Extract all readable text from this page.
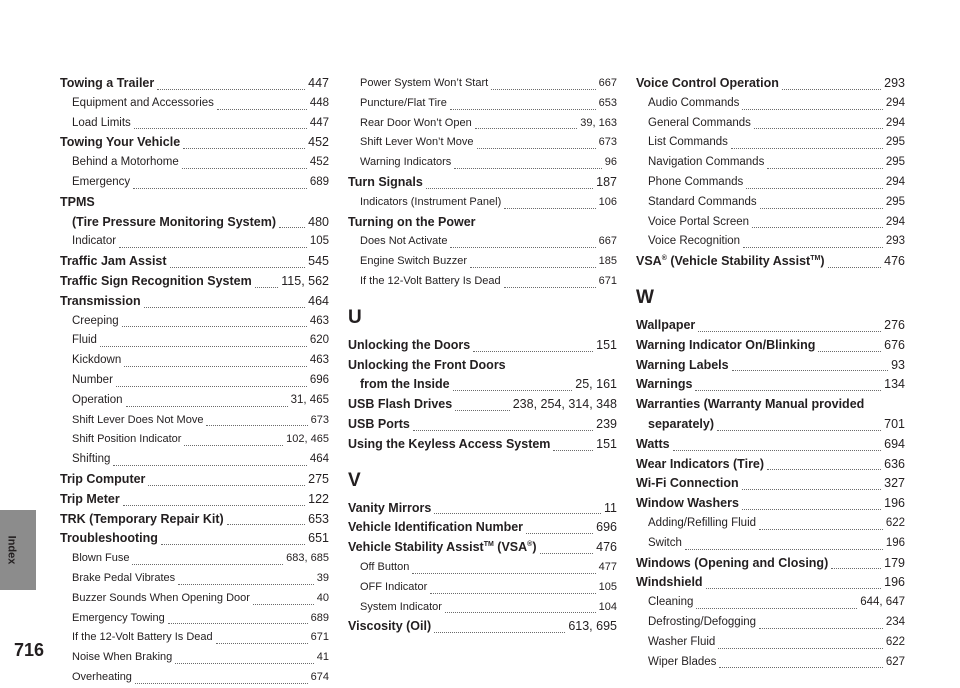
Index
716
Towing a Trailer	447
Equipment and Accessories	448
Load Limits	447
Towing Your Vehicle	452
Behind a Motorhome	452
Emergency	689
TPMS
(Tire Pressure Monitoring System)	480
Indicator	105
Traffic Jam Assist	545
Traffic Sign Recognition System 115, 562
Transmission	464
Creeping	463
Fluid	620
Kickdown	463
Number	696
Operation	31, 465
Shift Lever Does Not Move	673
Shift Position Indicator	102, 465
Shifting	464
Trip Computer	275
Trip Meter	122
TRK (Temporary Repair Kit)	653
Troubleshooting	651
Blown Fuse	683, 685
Brake Pedal Vibrates	39
Buzzer Sounds When Opening Door	40
Emergency Towing	689
If the 12-Volt Battery Is Dead	671
Noise When Braking	41
Overheating	674
Power System Won’t Start	667
Puncture/Flat Tire	653
Rear Door Won’t Open	39, 163
Shift Lever Won’t Move	673
Warning Indicators	96
Turn Signals	187
Indicators (Instrument Panel)	106
Turning on the Power
Does Not Activate	667
Engine Switch Buzzer	185
If the 12-Volt Battery Is Dead	671
U
Unlocking the Doors	151
Unlocking the Front Doors
from the Inside	25, 161
USB Flash Drives	238, 254, 314, 348
USB Ports	239
Using the Keyless Access System	151
V
Vanity Mirrors	11
Vehicle Identification Number	696
Vehicle Stability Assist™ (VSA®)	476
Off Button	477
OFF Indicator	105
System Indicator	104
Viscosity (Oil)	613, 695
Voice Control Operation	293
Audio Commands	294
General Commands	294
List Commands	295
Navigation Commands	295
Phone Commands	294
Standard Commands	295
Voice Portal Screen	294
Voice Recognition	293
VSA® (Vehicle Stability Assist™)	476
W
Wallpaper	276
Warning Indicator On/Blinking	676
Warning Labels	93
Warnings	134
Warranties (Warranty Manual provided
separately)	701
Watts	694
Wear Indicators (Tire)	636
Wi-Fi Connection	327
Window Washers	196
Adding/Refilling Fluid	622
Switch	196
Windows (Opening and Closing)	179
Windshield	196
Cleaning	644, 647
Defrosting/Defogging	234
Washer Fluid	622
Wiper Blades	627
